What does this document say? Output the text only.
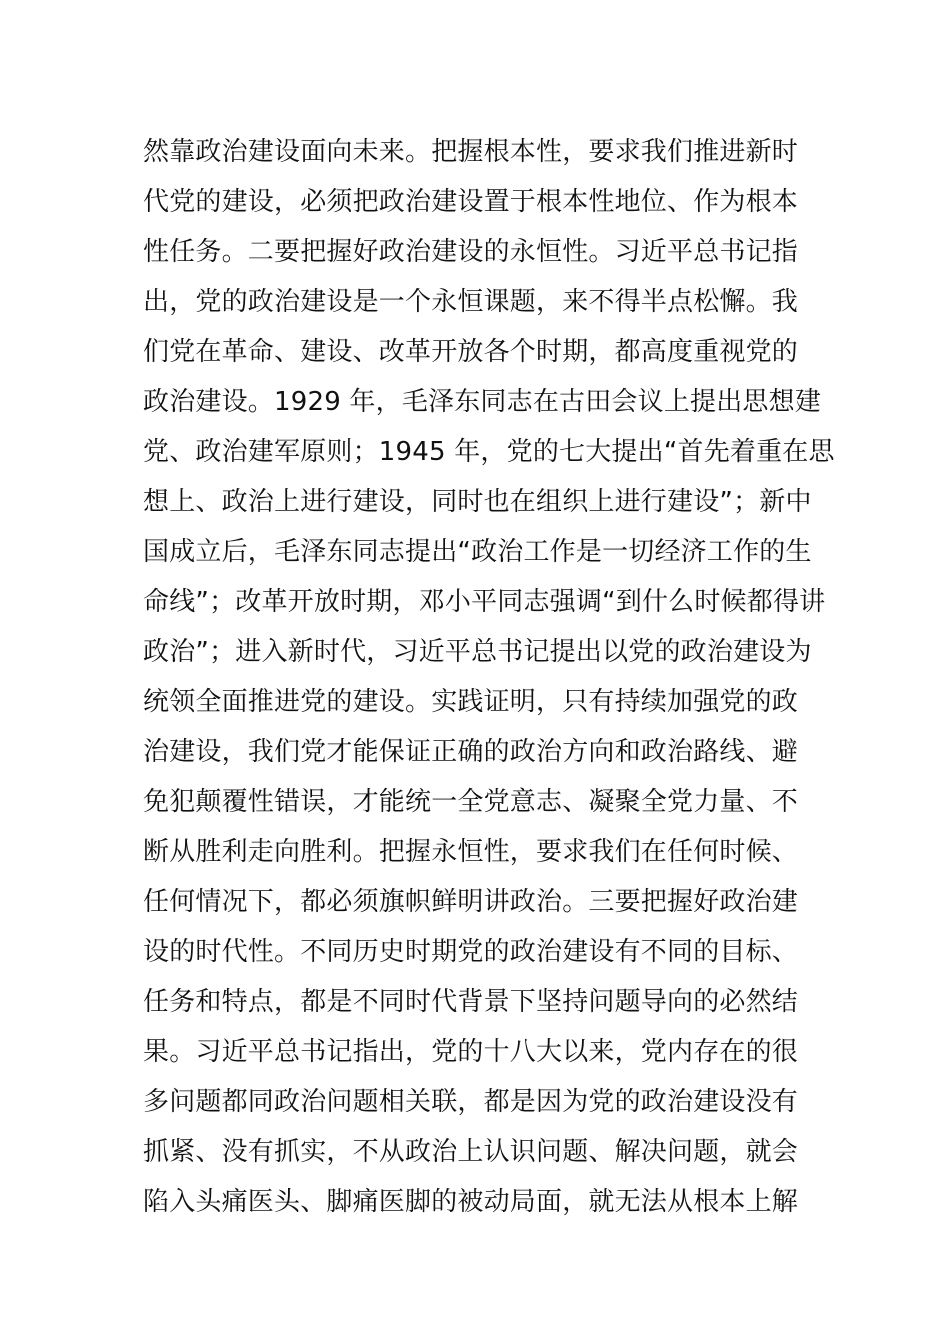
然靠政治建设面向未来。把握根本性，要求我们推进新时
代党的建设，必须把政治建设置于根本性地位、作为根本
性任务。二要把握好政治建设的永恒性。习近平总书记指
出，党的政治建设是一个永恒课题，来不得半点松懈。我
们党在革命、建设、改革开放各个时期，都高度重视党的
政治建设。1929 年，毛泽东同志在古田会议上提出思想建
党、政治建军原则；1945 年，党的七大提出“首先着重在思
想上、政治上进行建设，同时也在组织上进行建设”；新中
国成立后，毛泽东同志提出“政治工作是一切经济工作的生
命线”；改革开放时期，邓小平同志强调“到什么时候都得讲
政治”；进入新时代，习近平总书记提出以党的政治建设为
统领全面推进党的建设。实践证明，只有持续加强党的政
治建设，我们党才能保证正确的政治方向和政治路线、避
免犯颠覆性错误，才能统一全党意志、凝聚全党力量、不
断从胜利走向胜利。把握永恒性，要求我们在任何时候、
任何情况下，都必须旗帜鲜明讲政治。三要把握好政治建
设的时代性。不同历史时期党的政治建设有不同的目标、
任务和特点，都是不同时代背景下坚持问题导向的必然结
果。习近平总书记指出，党的十八大以来，党内存在的很
多问题都同政治问题相关联，都是因为党的政治建设没有
抓紧、没有抓实，不从政治上认识问题、解决问题，就会
陷入头痛医头、脚痛医脚的被动局面，就无法从根本上解
